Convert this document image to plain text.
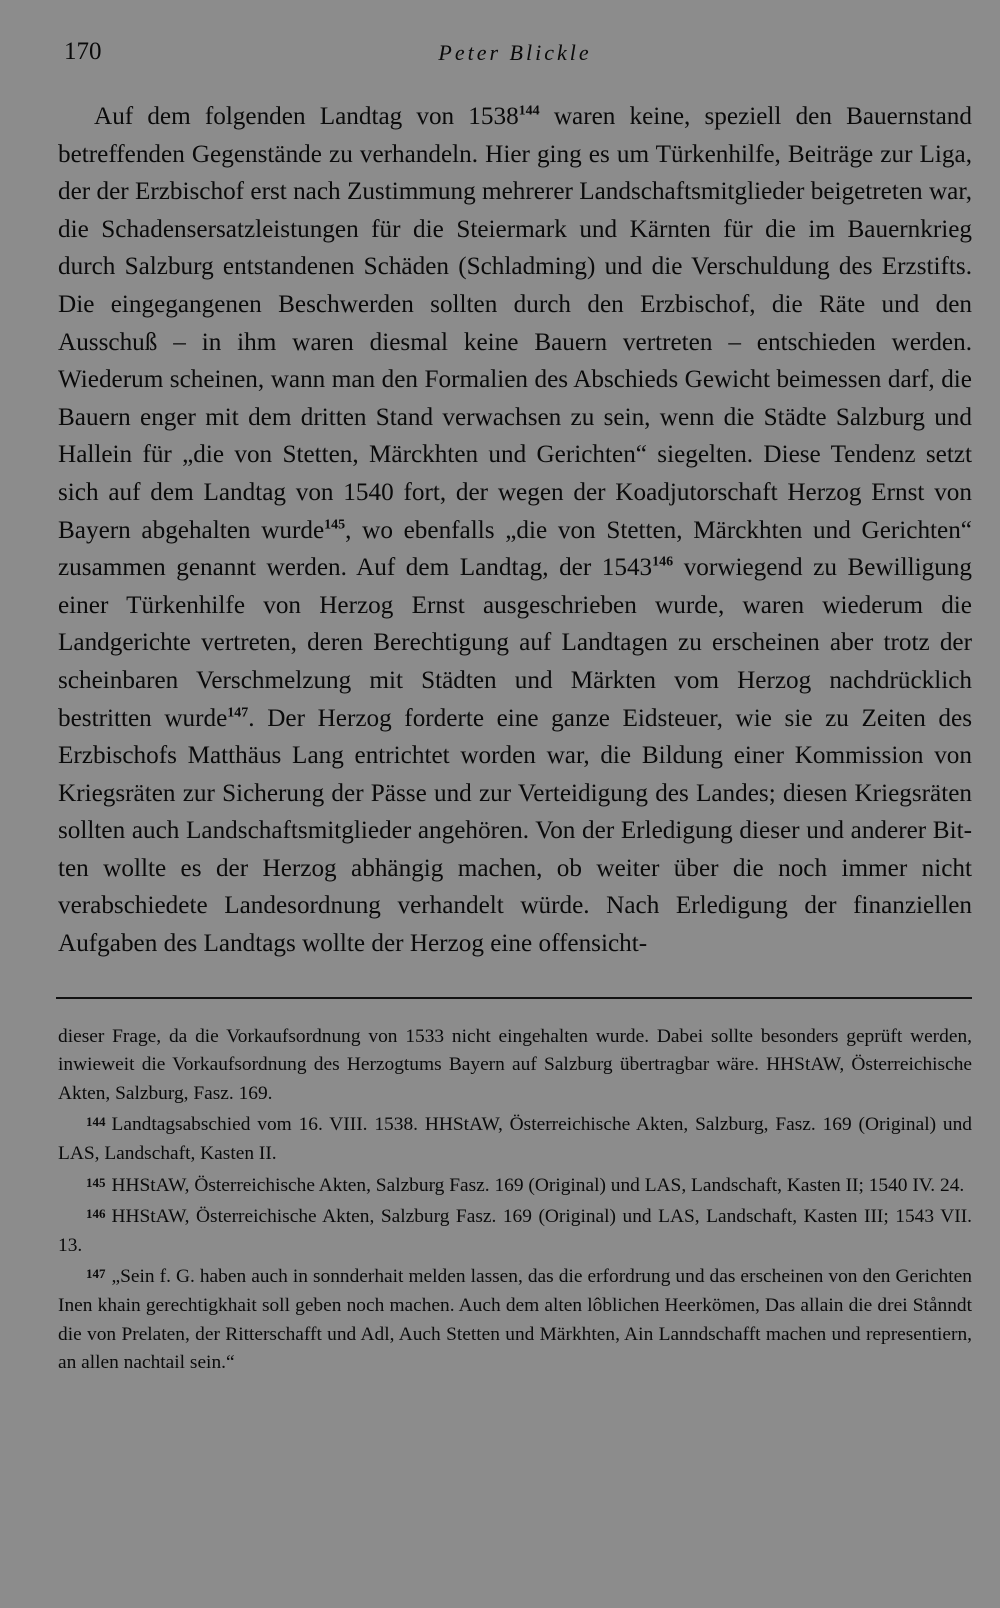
170	Peter Blickle

Auf dem folgenden Landtag von 1538$^{144}$ waren keine, speziell den Bauernstand betreffenden Gegenstände zu verhandeln. Hier ging es um Türkenhilfe, Beiträge zur Liga, der der Erzbischof erst nach Zustimmung mehrerer Landschaftsmitglieder beigetreten war, die Schadensersatzleistungen für die Steiermark und Kärnten für die im Bauernkrieg durch Salzburg entstandenen Schäden (Schladming) und die Verschuldung des Erzstifts. Die eingegangenen Beschwerden sollten durch den Erzbischof, die Räte und den Ausschuß – in ihm waren diesmal keine Bauern vertreten – entschieden werden. Wiederum scheinen, wann man den Formalien des Abschieds Gewicht beimessen darf, die Bauern enger mit dem dritten Stand verwachsen zu sein, wenn die Städte Salzburg und Hallein für „die von Stetten, Märckhten und Gerichten“ siegelten. Diese Tendenz setzt sich auf dem Landtag von 1540 fort, der wegen der Koadjutorschaft Herzog Ernst von Bayern abgehalten wurde$^{145}$, wo ebenfalls „die von Stetten, Märckhten und Gerichten“ zusammen genannt werden. Auf dem Landtag, der 1543$^{146}$ vorwiegend zu Bewilligung einer Türkenhilfe von Herzog Ernst ausgeschrieben wurde, waren wiederum die Landgerichte vertreten, deren Berechtigung auf Landtagen zu erscheinen aber trotz der scheinbaren Verschmelzung mit Städten und Märkten vom Herzog nachdrücklich bestritten wurde$^{147}$. Der Herzog forderte eine ganze Eidsteuer, wie sie zu Zeiten des Erzbischofs Matthäus Lang entrichtet worden war, die Bildung einer Kommission von Kriegsräten zur Sicherung der Pässe und zur Verteidigung des Landes; diesen Kriegsräten sollten auch Landschaftsmitglieder angehören. Von der Erledigung dieser und anderer Bitten wollte es der Herzog abhängig machen, ob weiter über die noch immer nicht verabschiedete Landesordnung verhandelt würde. Nach Erledigung der finanziellen Aufgaben des Landtags wollte der Herzog eine offensicht-

dieser Frage, da die Vorkaufsordnung von 1533 nicht eingehalten wurde. Dabei sollte besonders geprüft werden, inwieweit die Vorkaufsordnung des Herzogtums Bayern auf Salzburg übertragbar wäre. HHStAW, Österreichische Akten, Salzburg, Fasz. 169.

$^{144}$ Landtagsabschied vom 16. VIII. 1538. HHStAW, Österreichische Akten, Salzburg, Fasz. 169 (Original) und LAS, Landschaft, Kasten II.

$^{145}$ HHStAW, Österreichische Akten, Salzburg Fasz. 169 (Original) und LAS, Landschaft, Kasten II; 1540 IV. 24.

$^{146}$ HHStAW, Österreichische Akten, Salzburg Fasz. 169 (Original) und LAS, Landschaft, Kasten III; 1543 VII. 13.

$^{147}$ „Sein f. G. haben auch in sonnderhait melden lassen, das die erfordrung und das erscheinen von den Gerichten Inen khain gerechtigkhait soll geben noch machen. Auch dem alten lôblichen Heerkömen, Das allain die drei Stånndt die von Prelaten, der Ritterschafft und Adl, Auch Stetten und Märkhten, Ain Lanndschafft machen und representiern, an allen nachtail sein.“
